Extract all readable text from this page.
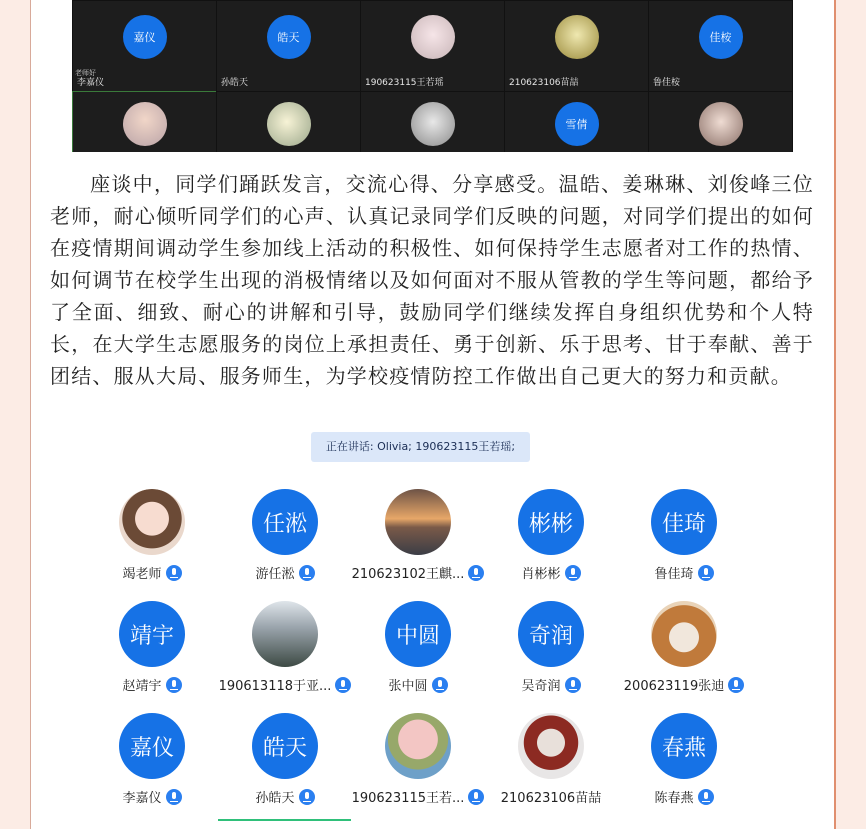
嘉仪
老师好
李嘉仪
皓天
孙皓天	190623115王若瑶	210623106苗喆
佳桉
鲁佳桉
雪倩

座谈中，同学们踊跃发言，交流心得、分享感受。温皓、姜琳琳、刘俊峰三位老师，耐心倾听同学们的心声、认真记录同学们反映的问题，对同学们提出的如何在疫情期间调动学生参加线上活动的积极性、如何保持学生志愿者对工作的热情、如何调节在校学生出现的消极情绪以及如何面对不服从管教的学生等问题，都给予了全面、细致、耐心的讲解和引导，鼓励同学们继续发挥自身组织优势和个人特长，在大学生志愿服务的岗位上承担责任、勇于创新、乐于思考、甘于奉献、善于团结、服从大局、服务师生，为学校疫情防控工作做出自己更大的努力和贡献。

正在讲话: Olivia; 190623115王若瑶;
竭老师
任淞
游任淞	210623102王麒...
彬彬
肖彬彬
佳琦
鲁佳琦
靖宇
赵靖宇	190613118于亚...
中圆
张中圆
奇润
吴奇润	200623119张迪
嘉仪
李嘉仪
皓天
孙皓天	190623115王若...	210623106苗喆
春燕
陈春燕
